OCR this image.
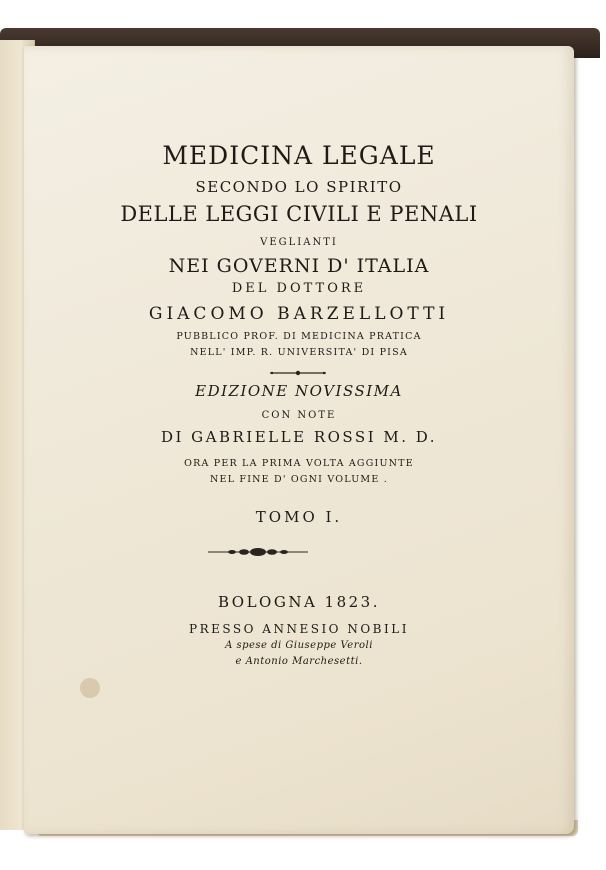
MEDICINA LEGALE
SECONDO LO SPIRITO
DELLE LEGGI CIVILI E PENALI
VEGLIANTI
NEI GOVERNI D' ITALIA
DEL DOTTORE
GIACOMO BARZELLOTTI
PUBBLICO PROF. DI MEDICINA PRATICA
NELL' IMP. R. UNIVERSITA' DI PISA
EDIZIONE NOVISSIMA
CON NOTE
DI GABRIELLE ROSSI M. D.
ORA PER LA PRIMA VOLTA AGGIUNTE
NEL FINE D' OGNI VOLUME .
TOMO I.
BOLOGNA 1823.
PRESSO ANNESIO NOBILI
A spese di Giuseppe Veroli
e Antonio Marchesetti.
